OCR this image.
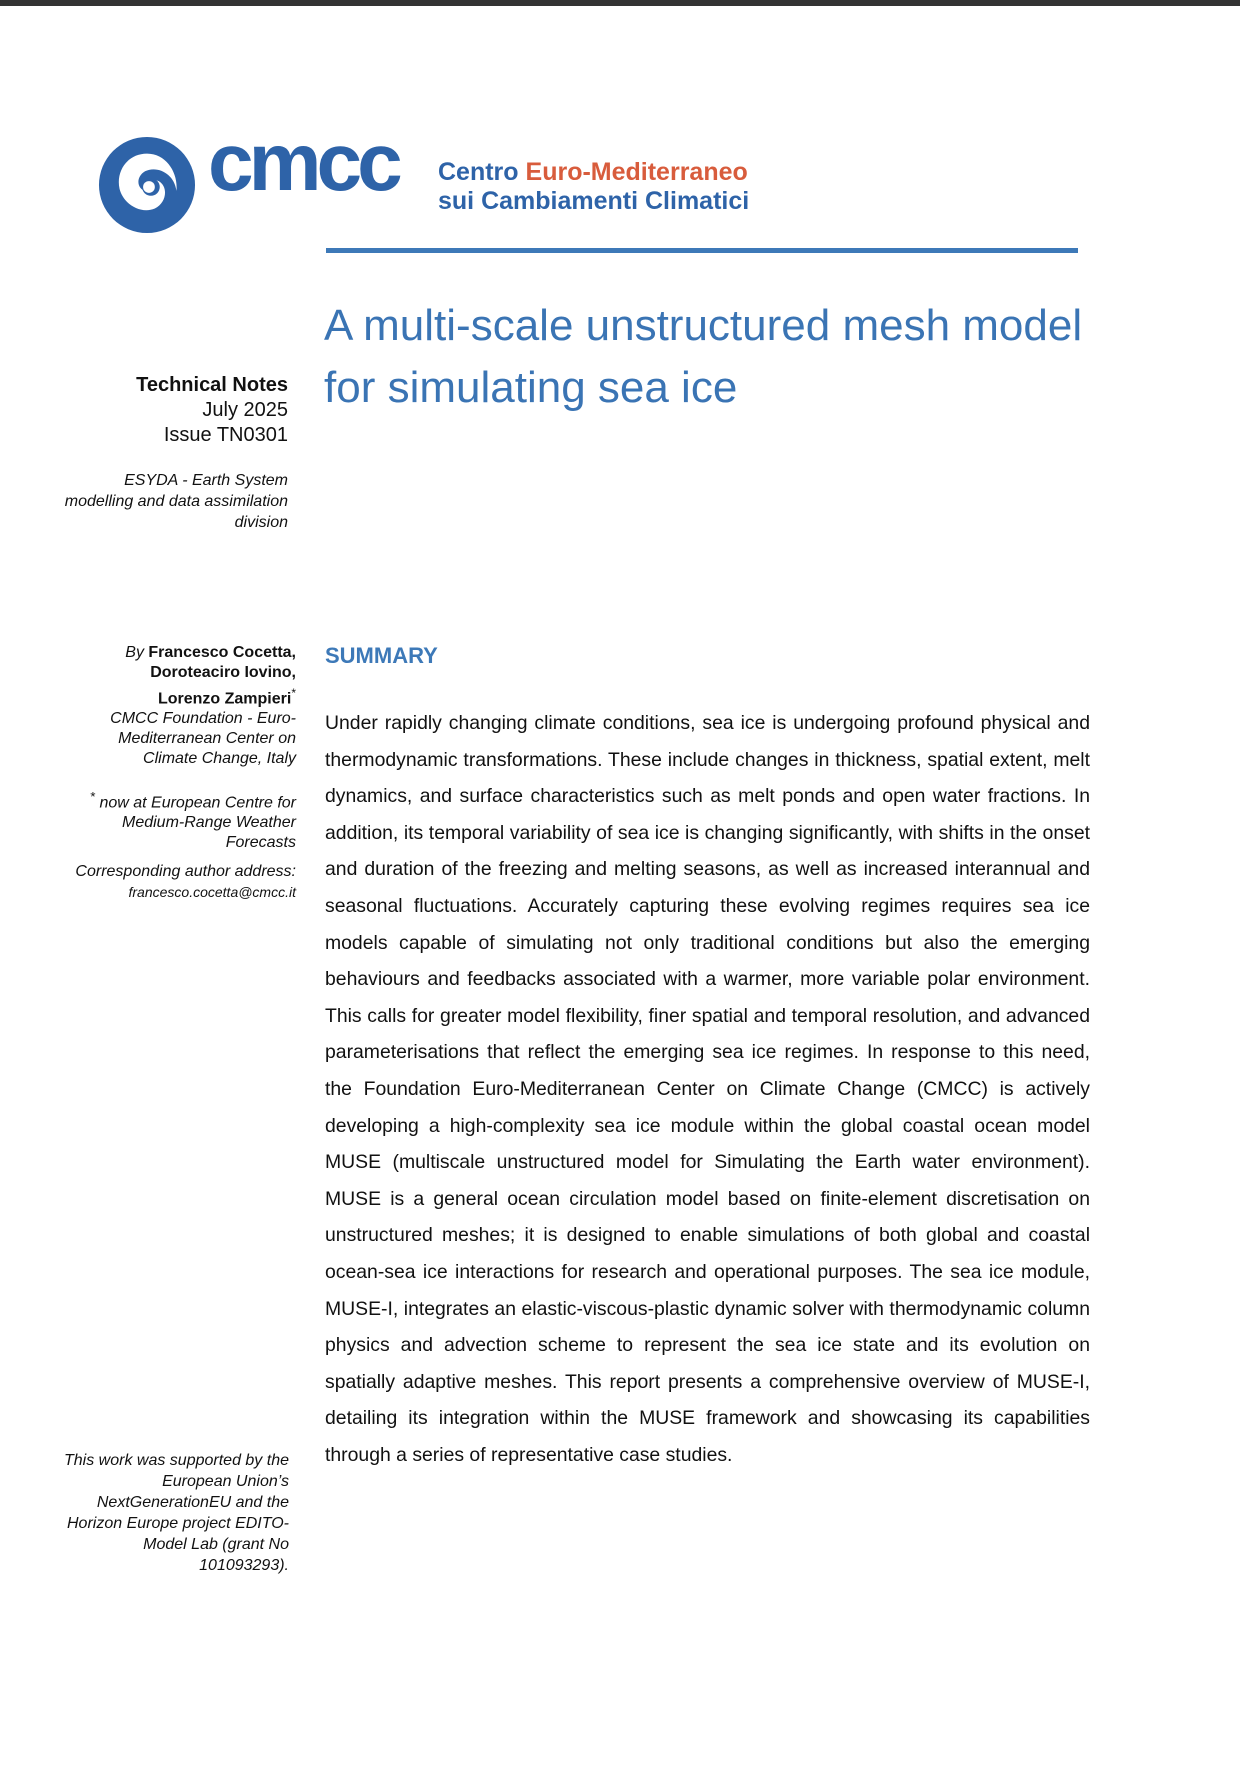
cmcc Centro Euro-Mediterraneo
sui Cambiamenti Climatici
A multi-scale unstructured mesh model for simulating sea ice
Technical Notes
July 2025
Issue TN0301
ESYDA - Earth System modelling and data assimilation division
By Francesco Cocetta,
Doroteaciro Iovino,
Lorenzo Zampieri*
CMCC Foundation - Euro-Mediterranean Center on Climate Change, Italy
* now at European Centre for Medium-Range Weather Forecasts
Corresponding author address:
francesco.cocetta@cmcc.it
This work was supported by the European Union’s NextGenerationEU and the Horizon Europe project EDITO-Model Lab (grant No 101093293).
SUMMARY
Under rapidly changing climate conditions, sea ice is undergoing profound physical and thermodynamic transformations. These include changes in thickness, spatial extent, melt dynamics, and surface characteristics such as melt ponds and open water fractions. In addition, its temporal variability of sea ice is changing significantly, with shifts in the onset and duration of the freezing and melting seasons, as well as increased interannual and seasonal fluctuations. Accurately capturing these evolving regimes requires sea ice models capable of simulating not only traditional conditions but also the emerging behaviours and feedbacks associated with a warmer, more variable polar environment. This calls for greater model flexibility, finer spatial and temporal resolution, and advanced parameterisations that reflect the emerging sea ice regimes. In response to this need, the Foundation Euro-Mediterranean Center on Climate Change (CMCC) is actively developing a high-complexity sea ice module within the global coastal ocean model MUSE (multiscale unstructured model for Simulating the Earth water environment). MUSE is a general ocean circulation model based on finite-element discretisation on unstructured meshes; it is designed to enable simulations of both global and coastal ocean-sea ice interactions for research and operational purposes. The sea ice module, MUSE-I, integrates an elastic-viscous-plastic dynamic solver with thermodynamic column physics and advection scheme to represent the sea ice state and its evolution on spatially adaptive meshes. This report presents a comprehensive overview of MUSE-I, detailing its integration within the MUSE framework and showcasing its capabilities through a series of representative case studies.
